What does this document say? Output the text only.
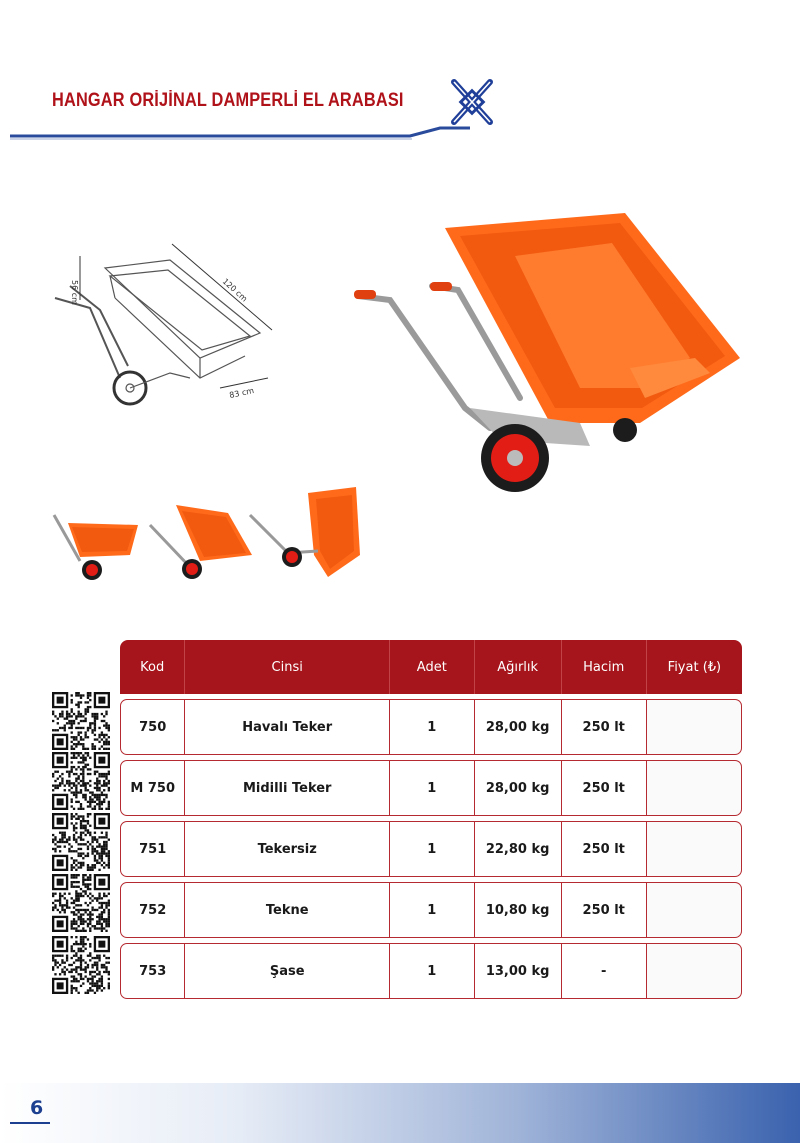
HANGAR ORİJİNAL DAMPERLİ EL ARABASI
56 cm	120 cm
83 cm
Kod	Cinsi	Adet	Ağırlık	Hacim	Fiyat (₺)
750	Havalı Teker	1	28,00 kg	250 lt	
M 750	Midilli Teker	1	28,00 kg	250 lt	
751	Tekersiz	1	22,80 kg	250 lt	
752	Tekne	1	10,80 kg	250 lt	
753	Şase	1	13,00 kg	-	
6
